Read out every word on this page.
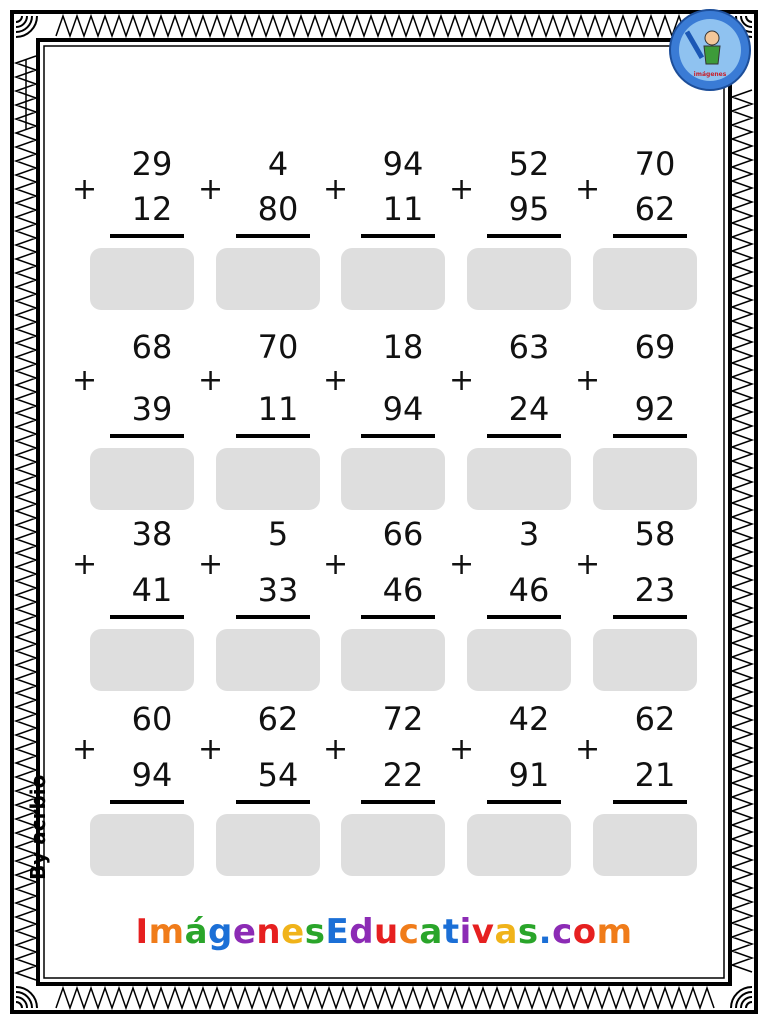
imágenes
+
29
12
+
4
80
+
94
11
+
52
95
+
70
62
+
68
39
+
70
11
+
18
94
+
63
24
+
69
92
+
38
41
+
5
33
+
66
46
+
3
46
+
58
23
+
60
94
+
62
54
+
72
22
+
42
91
+
62
21
ImágenesEducativas.com
By acrbio
